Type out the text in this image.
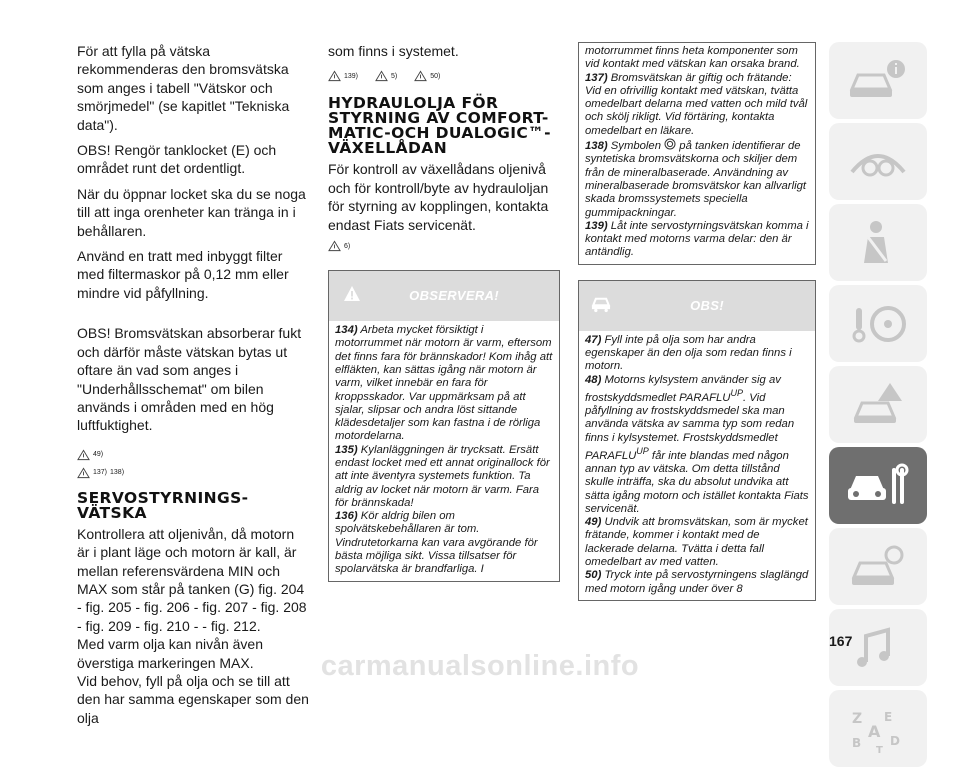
För att fylla på vätska rekommenderas den bromsvätska som anges i tabell "Vätskor och smörjmedel" (se kapitlet "Tekniska data").

OBS! Rengör tanklocket (E) och området runt det ordentligt.

När du öppnar locket ska du se noga till att inga orenheter kan tränga in i behållaren.

Använd en tratt med inbyggt filter med filtermaskor på 0,12 mm eller mindre vid påfyllning.

OBS! Bromsvätskan absorberar fukt och därför måste vätskan bytas ut oftare än vad som anges i "Underhållsschemat" om bilen används i områden med en hög luftfuktighet.

49)
137) 138)
SERVOSTYRNINGS-VÄTSKA

Kontrollera att oljenivån, då motorn är i plant läge och motorn är kall, är mellan referensvärdena MIN och MAX som står på tanken (G) fig. 204 - fig. 205 - fig. 206 - fig. 207 - fig. 208 - fig. 209 - fig. 210 - - fig. 212.

Med varm olja kan nivån även överstiga markeringen MAX.

Vid behov, fyll på olja och se till att den har samma egenskaper som den olja

som finns i systemet.

139)	5)	50)
HYDRAULOLJA FÖR STYRNING AV COMFORT-MATIC-OCH DUALOGIC™-VÄXELLÅDAN

För kontroll av växellådans oljenivå och för kontroll/byte av hydrauloljan för styrning av kopplingen, kontakta endast Fiats servicenät.

6)
OBSERVERA!
134) Arbeta mycket försiktigt i motorrummet när motorn är varm, eftersom det finns fara för brännskador! Kom ihåg att elfläkten, kan sättas igång när motorn är varm, vilket innebär en fara för kroppsskador. Var uppmärksam på att sjalar, slipsar och andra löst sittande klädesdetaljer som kan fastna i de rörliga motordelarna.
135) Kylanläggningen är trycksatt. Ersätt endast locket med ett annat originallock för att inte äventyra systemets funktion. Ta aldrig av locket när motorn är varm. Fara för brännskada!
136) Kör aldrig bilen om spolvätskebehållaren är tom. Vindrutetorkarna kan vara avgörande för bästa möjliga sikt. Vissa tillsatser för spolarvätska är brandfarliga. I
motorrummet finns heta komponenter som vid kontakt med vätskan kan orsaka brand.
137) Bromsvätskan är giftig och frätande: Vid en ofrivillig kontakt med vätskan, tvätta omedelbart delarna med vatten och mild tvål och skölj rikligt. Vid förtäring, kontakta omedelbart en läkare.
138) Symbolen på tanken identifierar de syntetiska bromsvätskorna och skiljer dem från de mineralbaserade. Användning av mineralbaserade bromsvätskor kan allvarligt skada bromssystemets speciella gummipackningar.
139) Låt inte servostyrningsvätskan komma i kontakt med motorns varma delar: den är antändlig.
OBS!
47) Fyll inte på olja som har andra egenskaper än den olja som redan finns i motorn.
48) Motorns kylsystem använder sig av frostskyddsmedlet $PARAFLU^{UP}$. Vid påfyllning av frostskyddsmedel ska man använda vätska av samma typ som redan finns i kylsystemet. Frostskyddsmedlet $PARAFLU^{UP}$ får inte blandas med någon annan typ av vätska. Om detta tillstånd skulle inträffa, ska du absolut undvika att sätta igång motorn och istället kontakta Fiats servicenät.
49) Undvik att bromsvätskan, som är mycket frätande, kommer i kontakt med de lackerade delarna. Tvätta i detta fall omedelbart av med vatten.
50) Tryck inte på servostyrningens slaglängd med motorn igång under över 8
Z E
A
B D
T
167
carmanualsonline.info
